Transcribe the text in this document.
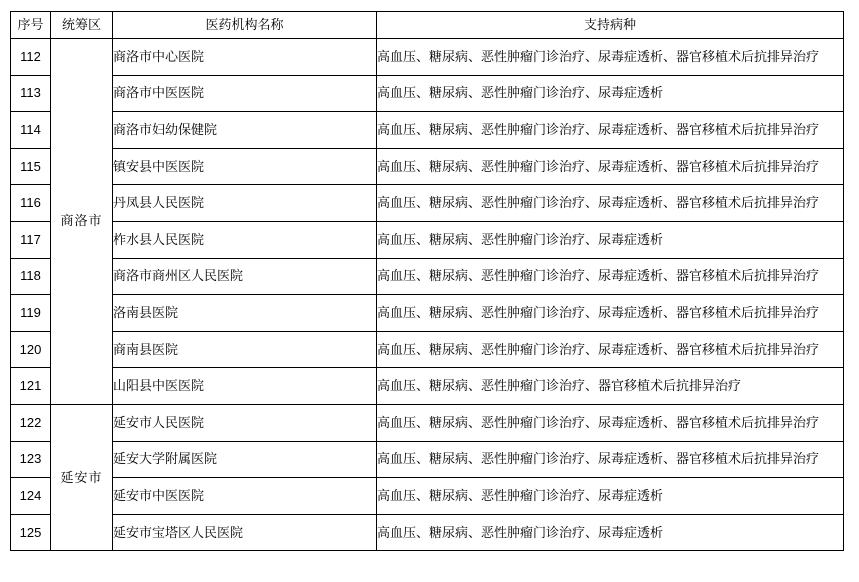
序号	统筹区	医药机构名称	支持病种
112	商洛市	商洛市中心医院	高血压、糖尿病、恶性肿瘤门诊治疗、尿毒症透析、器官移植术后抗排异治疗
113		商洛市中医医院	高血压、糖尿病、恶性肿瘤门诊治疗、尿毒症透析
114		商洛市妇幼保健院	高血压、糖尿病、恶性肿瘤门诊治疗、尿毒症透析、器官移植术后抗排异治疗
115		镇安县中医医院	高血压、糖尿病、恶性肿瘤门诊治疗、尿毒症透析、器官移植术后抗排异治疗
116		丹凤县人民医院	高血压、糖尿病、恶性肿瘤门诊治疗、尿毒症透析、器官移植术后抗排异治疗
117		柞水县人民医院	高血压、糖尿病、恶性肿瘤门诊治疗、尿毒症透析
118		商洛市商州区人民医院	高血压、糖尿病、恶性肿瘤门诊治疗、尿毒症透析、器官移植术后抗排异治疗
119		洛南县医院	高血压、糖尿病、恶性肿瘤门诊治疗、尿毒症透析、器官移植术后抗排异治疗
120		商南县医院	高血压、糖尿病、恶性肿瘤门诊治疗、尿毒症透析、器官移植术后抗排异治疗
121		山阳县中医医院	高血压、糖尿病、恶性肿瘤门诊治疗、器官移植术后抗排异治疗
122	延安市	延安市人民医院	高血压、糖尿病、恶性肿瘤门诊治疗、尿毒症透析、器官移植术后抗排异治疗
123		延安大学附属医院	高血压、糖尿病、恶性肿瘤门诊治疗、尿毒症透析、器官移植术后抗排异治疗
124		延安市中医医院	高血压、糖尿病、恶性肿瘤门诊治疗、尿毒症透析
125		延安市宝塔区人民医院	高血压、糖尿病、恶性肿瘤门诊治疗、尿毒症透析
